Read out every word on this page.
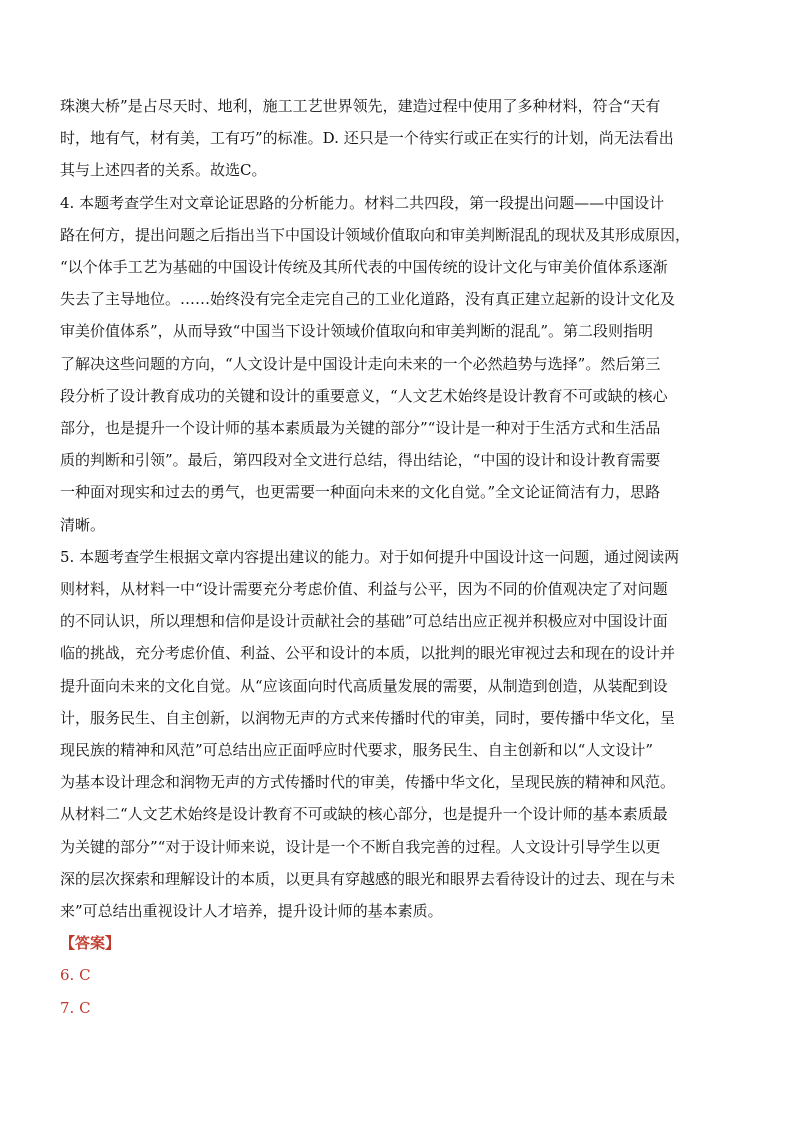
珠澳大桥”是占尽天时、地利，施工工艺世界领先，建造过程中使用了多种材料，符合“天有
时，地有气，材有美，工有巧”的标准。D. 还只是一个待实行或正在实行的计划，尚无法看出
其与上述四者的关系。故选C。
4. 本题考查学生对文章论证思路的分析能力。材料二共四段，第一段提出问题——中国设计
路在何方，提出问题之后指出当下中国设计领域价值取向和审美判断混乱的现状及其形成原因，
“以个体手工艺为基础的中国设计传统及其所代表的中国传统的设计文化与审美价值体系逐渐
失去了主导地位。……始终没有完全走完自己的工业化道路，没有真正建立起新的设计文化及
审美价值体系”，从而导致“中国当下设计领域价值取向和审美判断的混乱”。第二段则指明
了解决这些问题的方向，“人文设计是中国设计走向未来的一个必然趋势与选择”。然后第三
段分析了设计教育成功的关键和设计的重要意义，“人文艺术始终是设计教育不可或缺的核心
部分，也是提升一个设计师的基本素质最为关键的部分”“设计是一种对于生活方式和生活品
质的判断和引领”。最后，第四段对全文进行总结，得出结论，“中国的设计和设计教育需要
一种面对现实和过去的勇气，也更需要一种面向未来的文化自觉。”全文论证简洁有力，思路
清晰。
5. 本题考查学生根据文章内容提出建议的能力。对于如何提升中国设计这一问题，通过阅读两
则材料，从材料一中“设计需要充分考虑价值、利益与公平，因为不同的价值观决定了对问题
的不同认识，所以理想和信仰是设计贡献社会的基础”可总结出应正视并积极应对中国设计面
临的挑战，充分考虑价值、利益、公平和设计的本质，以批判的眼光审视过去和现在的设计并
提升面向未来的文化自觉。从“应该面向时代高质量发展的需要，从制造到创造，从装配到设
计，服务民生、自主创新，以润物无声的方式来传播时代的审美，同时，要传播中华文化，呈
现民族的精神和风范”可总结出应正面呼应时代要求，服务民生、自主创新和以“人文设计”
为基本设计理念和润物无声的方式传播时代的审美，传播中华文化，呈现民族的精神和风范。
从材料二“人文艺术始终是设计教育不可或缺的核心部分，也是提升一个设计师的基本素质最
为关键的部分”“对于设计师来说，设计是一个不断自我完善的过程。人文设计引导学生以更
深的层次探索和理解设计的本质，以更具有穿越感的眼光和眼界去看待设计的过去、现在与未
来”可总结出重视设计人才培养，提升设计师的基本素质。
【答案】
6. C
7. C
